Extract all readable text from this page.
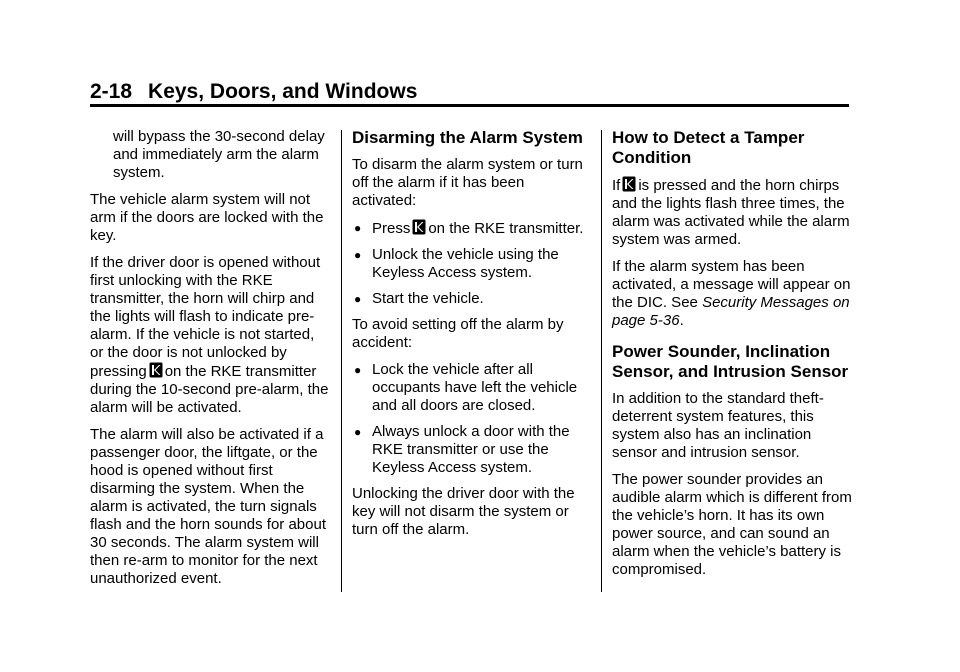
2-18 Keys, Doors, and Windows

will bypass the 30-second delay and immediately arm the alarm system.

The vehicle alarm system will not arm if the doors are locked with the key.

If the driver door is opened without first unlocking with the RKE transmitter, the horn will chirp and the lights will flash to indicate pre-alarm. If the vehicle is not started, or the door is not unlocked by pressing on the RKE transmitter during the 10-second pre-alarm, the alarm will be activated.

The alarm will also be activated if a passenger door, the liftgate, or the hood is opened without first disarming the system. When the alarm is activated, the turn signals flash and the horn sounds for about 30 seconds. The alarm system will then re-arm to monitor for the next unauthorized event.

Disarming the Alarm System

To disarm the alarm system or turn off the alarm if it has been activated:

● Press on the RKE transmitter.
● Unlock the vehicle using the Keyless Access system.
● Start the vehicle.

To avoid setting off the alarm by accident:

● Lock the vehicle after all occupants have left the vehicle and all doors are closed.
● Always unlock a door with the RKE transmitter or use the Keyless Access system.

Unlocking the driver door with the key will not disarm the system or turn off the alarm.

How to Detect a Tamper Condition

If is pressed and the horn chirps and the lights flash three times, the alarm was activated while the alarm system was armed.

If the alarm system has been activated, a message will appear on the DIC. See Security Messages on page 5-36.

Power Sounder, Inclination Sensor, and Intrusion Sensor

In addition to the standard theft-deterrent system features, this system also has an inclination sensor and intrusion sensor.

The power sounder provides an audible alarm which is different from the vehicle’s horn. It has its own power source, and can sound an alarm when the vehicle’s battery is compromised.
